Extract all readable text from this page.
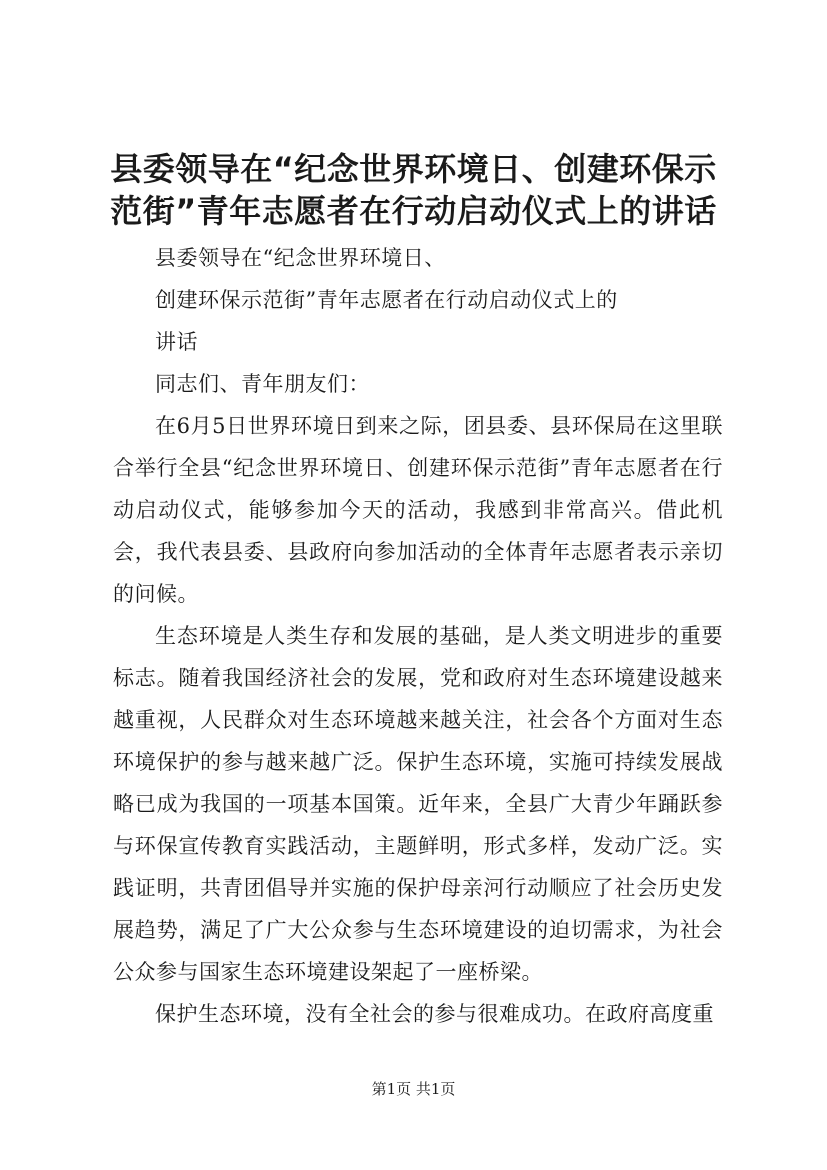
县委领导在“纪念世界环境日、创建环保示范街”青年志愿者在行动启动仪式上的讲话

县委领导在“纪念世界环境日、

创建环保示范街”青年志愿者在行动启动仪式上的

讲话

同志们、青年朋友们：

在6月5日世界环境日到来之际，团县委、县环保局在这里联合举行全县“纪念世界环境日、创建环保示范街”青年志愿者在行动启动仪式，能够参加今天的活动，我感到非常高兴。借此机会，我代表县委、县政府向参加活动的全体青年志愿者表示亲切的问候。

生态环境是人类生存和发展的基础，是人类文明进步的重要标志。随着我国经济社会的发展，党和政府对生态环境建设越来越重视，人民群众对生态环境越来越关注，社会各个方面对生态环境保护的参与越来越广泛。保护生态环境，实施可持续发展战略已成为我国的一项基本国策。近年来，全县广大青少年踊跃参与环保宣传教育实践活动，主题鲜明，形式多样，发动广泛。实践证明，共青团倡导并实施的保护母亲河行动顺应了社会历史发展趋势，满足了广大公众参与生态环境建设的迫切需求，为社会公众参与国家生态环境建设架起了一座桥梁。

保护生态环境，没有全社会的参与很难成功。在政府高度重

第1页 共1页
